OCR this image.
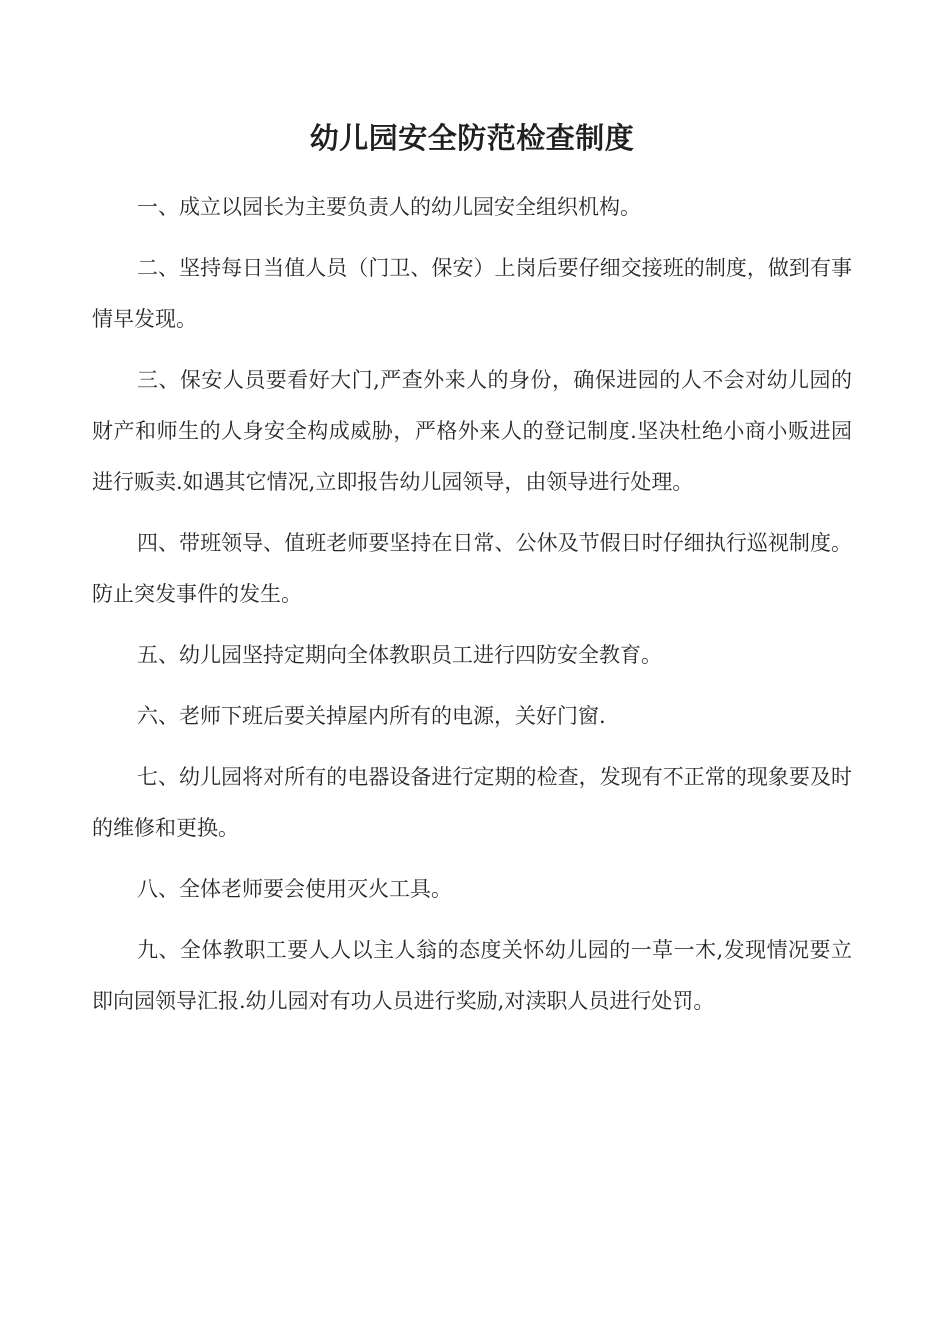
幼儿园安全防范检查制度

一、成立以园长为主要负责人的幼儿园安全组织机构。

二、坚持每日当值人员（门卫、保安）上岗后要仔细交接班的制度，做到有事情早发现。

三、保安人员要看好大门,严查外来人的身份，确保进园的人不会对幼儿园的财产和师生的人身安全构成威胁，严格外来人的登记制度.坚决杜绝小商小贩进园进行贩卖.如遇其它情况,立即报告幼儿园领导，由领导进行处理。

四、带班领导、值班老师要坚持在日常、公休及节假日时仔细执行巡视制度。防止突发事件的发生。

五、幼儿园坚持定期向全体教职员工进行四防安全教育。

六、老师下班后要关掉屋内所有的电源，关好门窗.

七、幼儿园将对所有的电器设备进行定期的检查，发现有不正常的现象要及时的维修和更换。

八、全体老师要会使用灭火工具。

九、全体教职工要人人以主人翁的态度关怀幼儿园的一草一木,发现情况要立即向园领导汇报.幼儿园对有功人员进行奖励,对渎职人员进行处罚。
